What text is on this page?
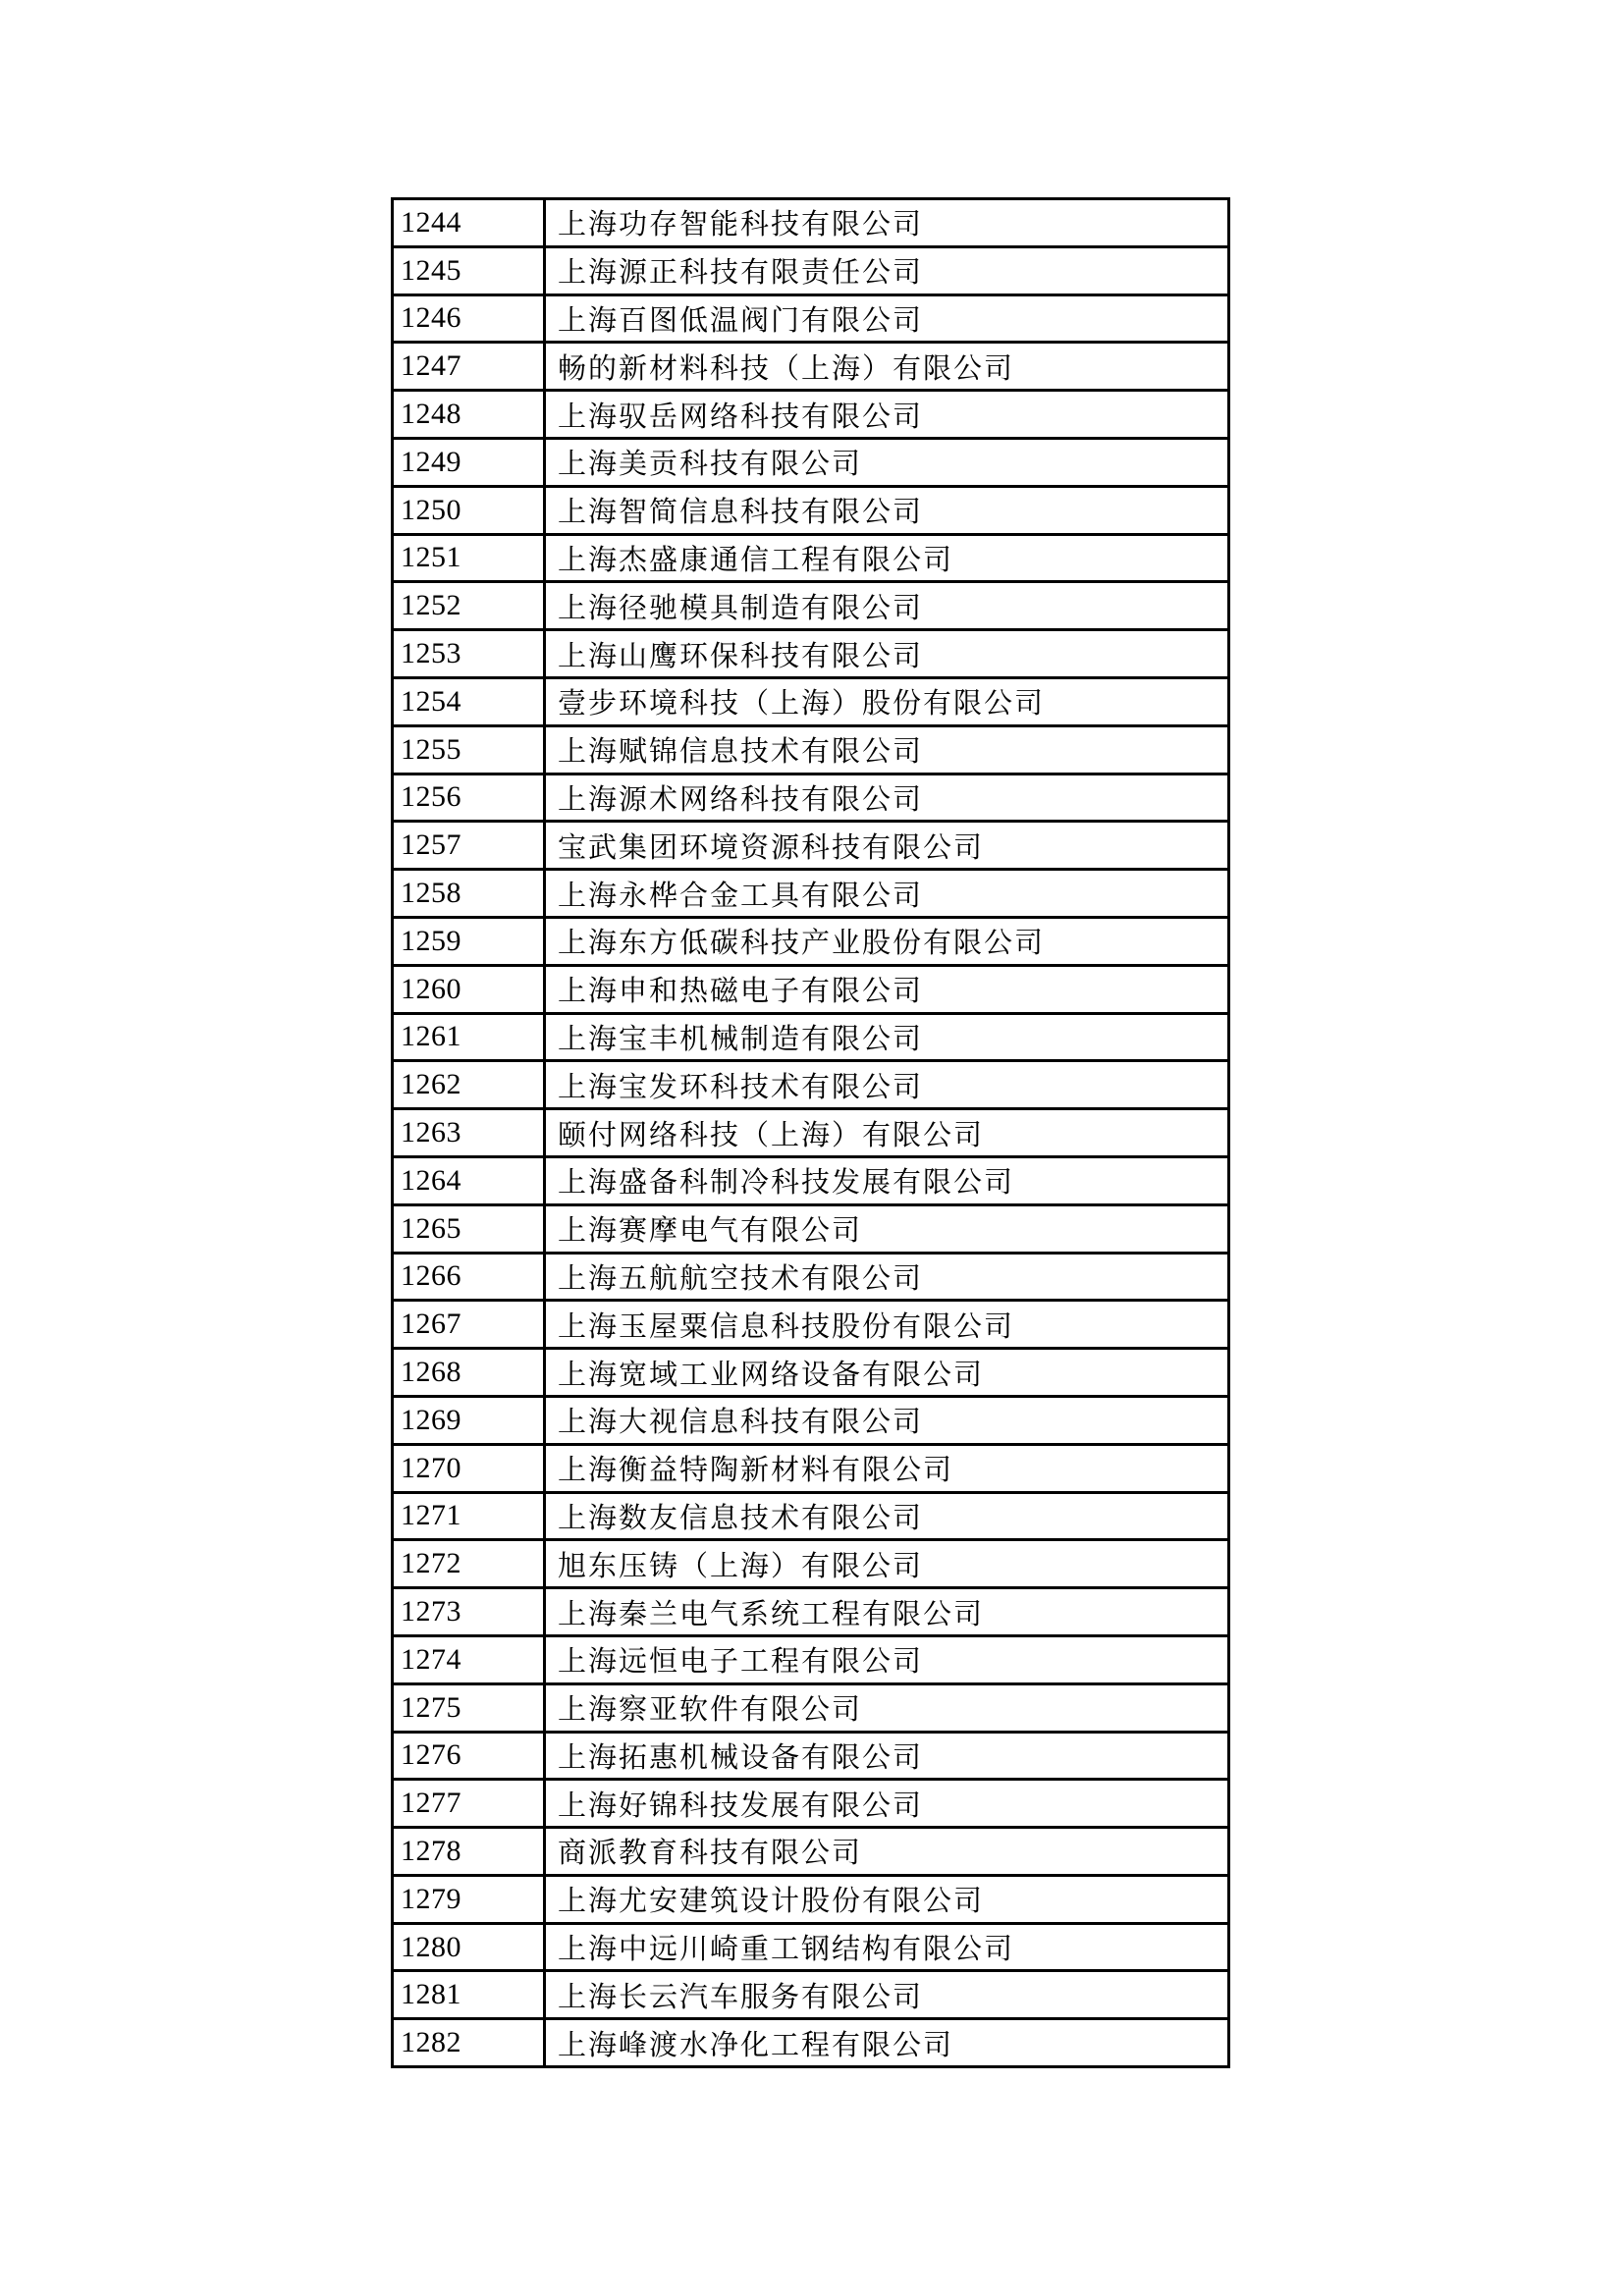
1244	上海功存智能科技有限公司
1245	上海源正科技有限责任公司
1246	上海百图低温阀门有限公司
1247	畅的新材料科技（上海）有限公司
1248	上海驭岳网络科技有限公司
1249	上海美贡科技有限公司
1250	上海智简信息科技有限公司
1251	上海杰盛康通信工程有限公司
1252	上海径驰模具制造有限公司
1253	上海山鹰环保科技有限公司
1254	壹步环境科技（上海）股份有限公司
1255	上海赋锦信息技术有限公司
1256	上海源术网络科技有限公司
1257	宝武集团环境资源科技有限公司
1258	上海永桦合金工具有限公司
1259	上海东方低碳科技产业股份有限公司
1260	上海申和热磁电子有限公司
1261	上海宝丰机械制造有限公司
1262	上海宝发环科技术有限公司
1263	颐付网络科技（上海）有限公司
1264	上海盛备科制冷科技发展有限公司
1265	上海赛摩电气有限公司
1266	上海五航航空技术有限公司
1267	上海玉屋粟信息科技股份有限公司
1268	上海宽域工业网络设备有限公司
1269	上海大视信息科技有限公司
1270	上海衡益特陶新材料有限公司
1271	上海数友信息技术有限公司
1272	旭东压铸（上海）有限公司
1273	上海秦兰电气系统工程有限公司
1274	上海远恒电子工程有限公司
1275	上海察亚软件有限公司
1276	上海拓惠机械设备有限公司
1277	上海好锦科技发展有限公司
1278	商派教育科技有限公司
1279	上海尤安建筑设计股份有限公司
1280	上海中远川崎重工钢结构有限公司
1281	上海长云汽车服务有限公司
1282	上海峰渡水净化工程有限公司
